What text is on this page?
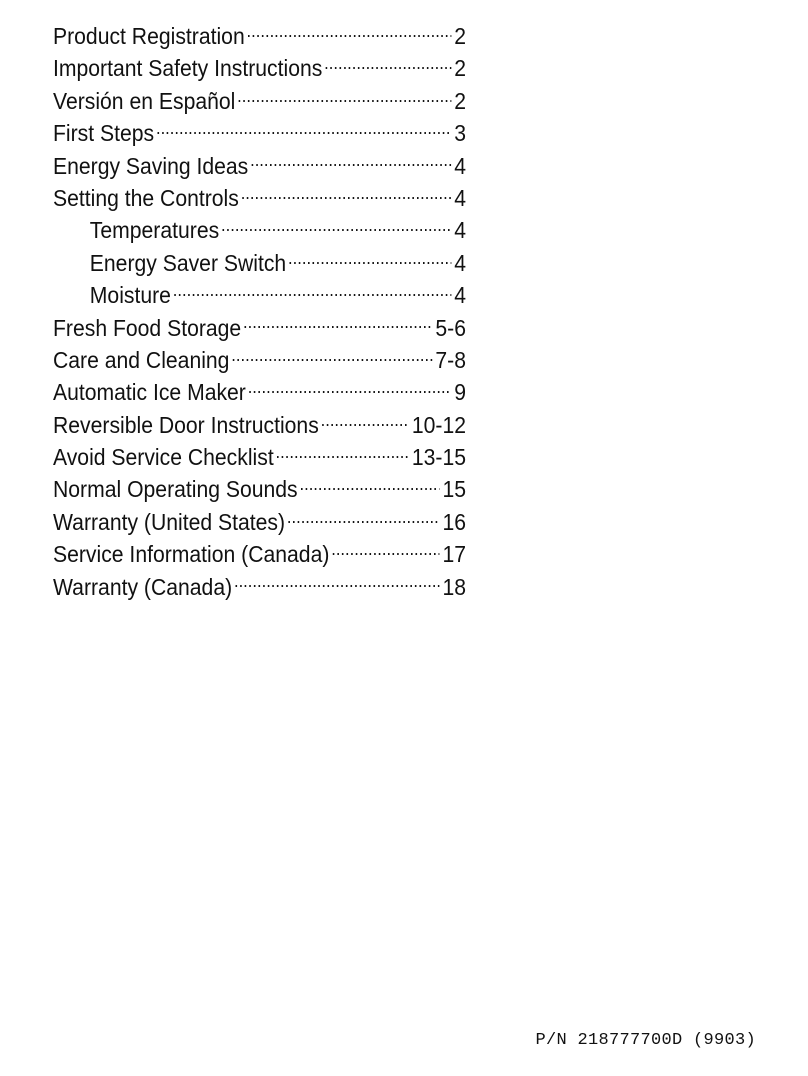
Product Registration .....	2
Important Safety Instructions .....	2
Versión en Español .....	2
First Steps .....	3
Energy Saving Ideas .....	4
Setting the Controls .....	4
Temperatures .....	4
Energy Saver Switch .....	4
Moisture .....	4
Fresh Food Storage .....	5-6
Care and Cleaning .....	7-8
Automatic Ice Maker .....	9
Reversible Door Instructions .....	10-12
Avoid Service Checklist .....	13-15
Normal Operating Sounds .....	15
Warranty (United States) .....	16
Service Information (Canada) .....	17
Warranty (Canada) .....	18
P/N 218777700D (9903)
